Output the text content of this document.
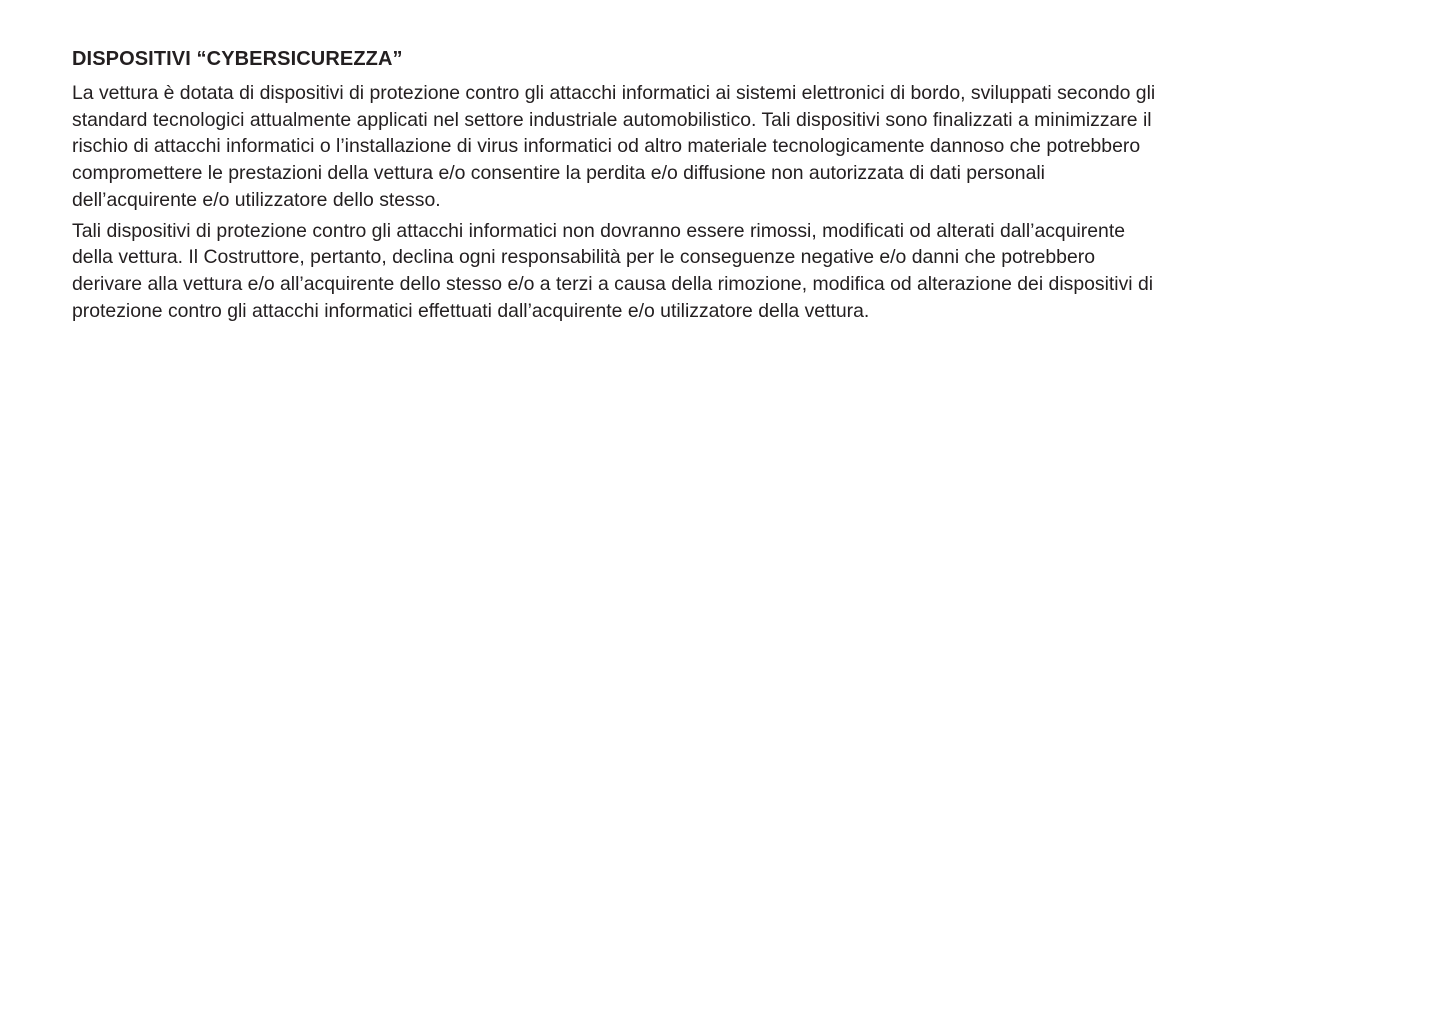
DISPOSITIVI “CYBERSICUREZZA”

La vettura è dotata di dispositivi di protezione contro gli attacchi informatici ai sistemi elettronici di bordo, sviluppati secondo gli
standard tecnologici attualmente applicati nel settore industriale automobilistico. Tali dispositivi sono finalizzati a minimizzare il
rischio di attacchi informatici o l’installazione di virus informatici od altro materiale tecnologicamente dannoso che potrebbero
compromettere le prestazioni della vettura e/o consentire la perdita e/o diffusione non autorizzata di dati personali
dell’acquirente e/o utilizzatore dello stesso.

Tali dispositivi di protezione contro gli attacchi informatici non dovranno essere rimossi, modificati od alterati dall’acquirente
della vettura. Il Costruttore, pertanto, declina ogni responsabilità per le conseguenze negative e/o danni che potrebbero
derivare alla vettura e/o all’acquirente dello stesso e/o a terzi a causa della rimozione, modifica od alterazione dei dispositivi di
protezione contro gli attacchi informatici effettuati dall’acquirente e/o utilizzatore della vettura.
